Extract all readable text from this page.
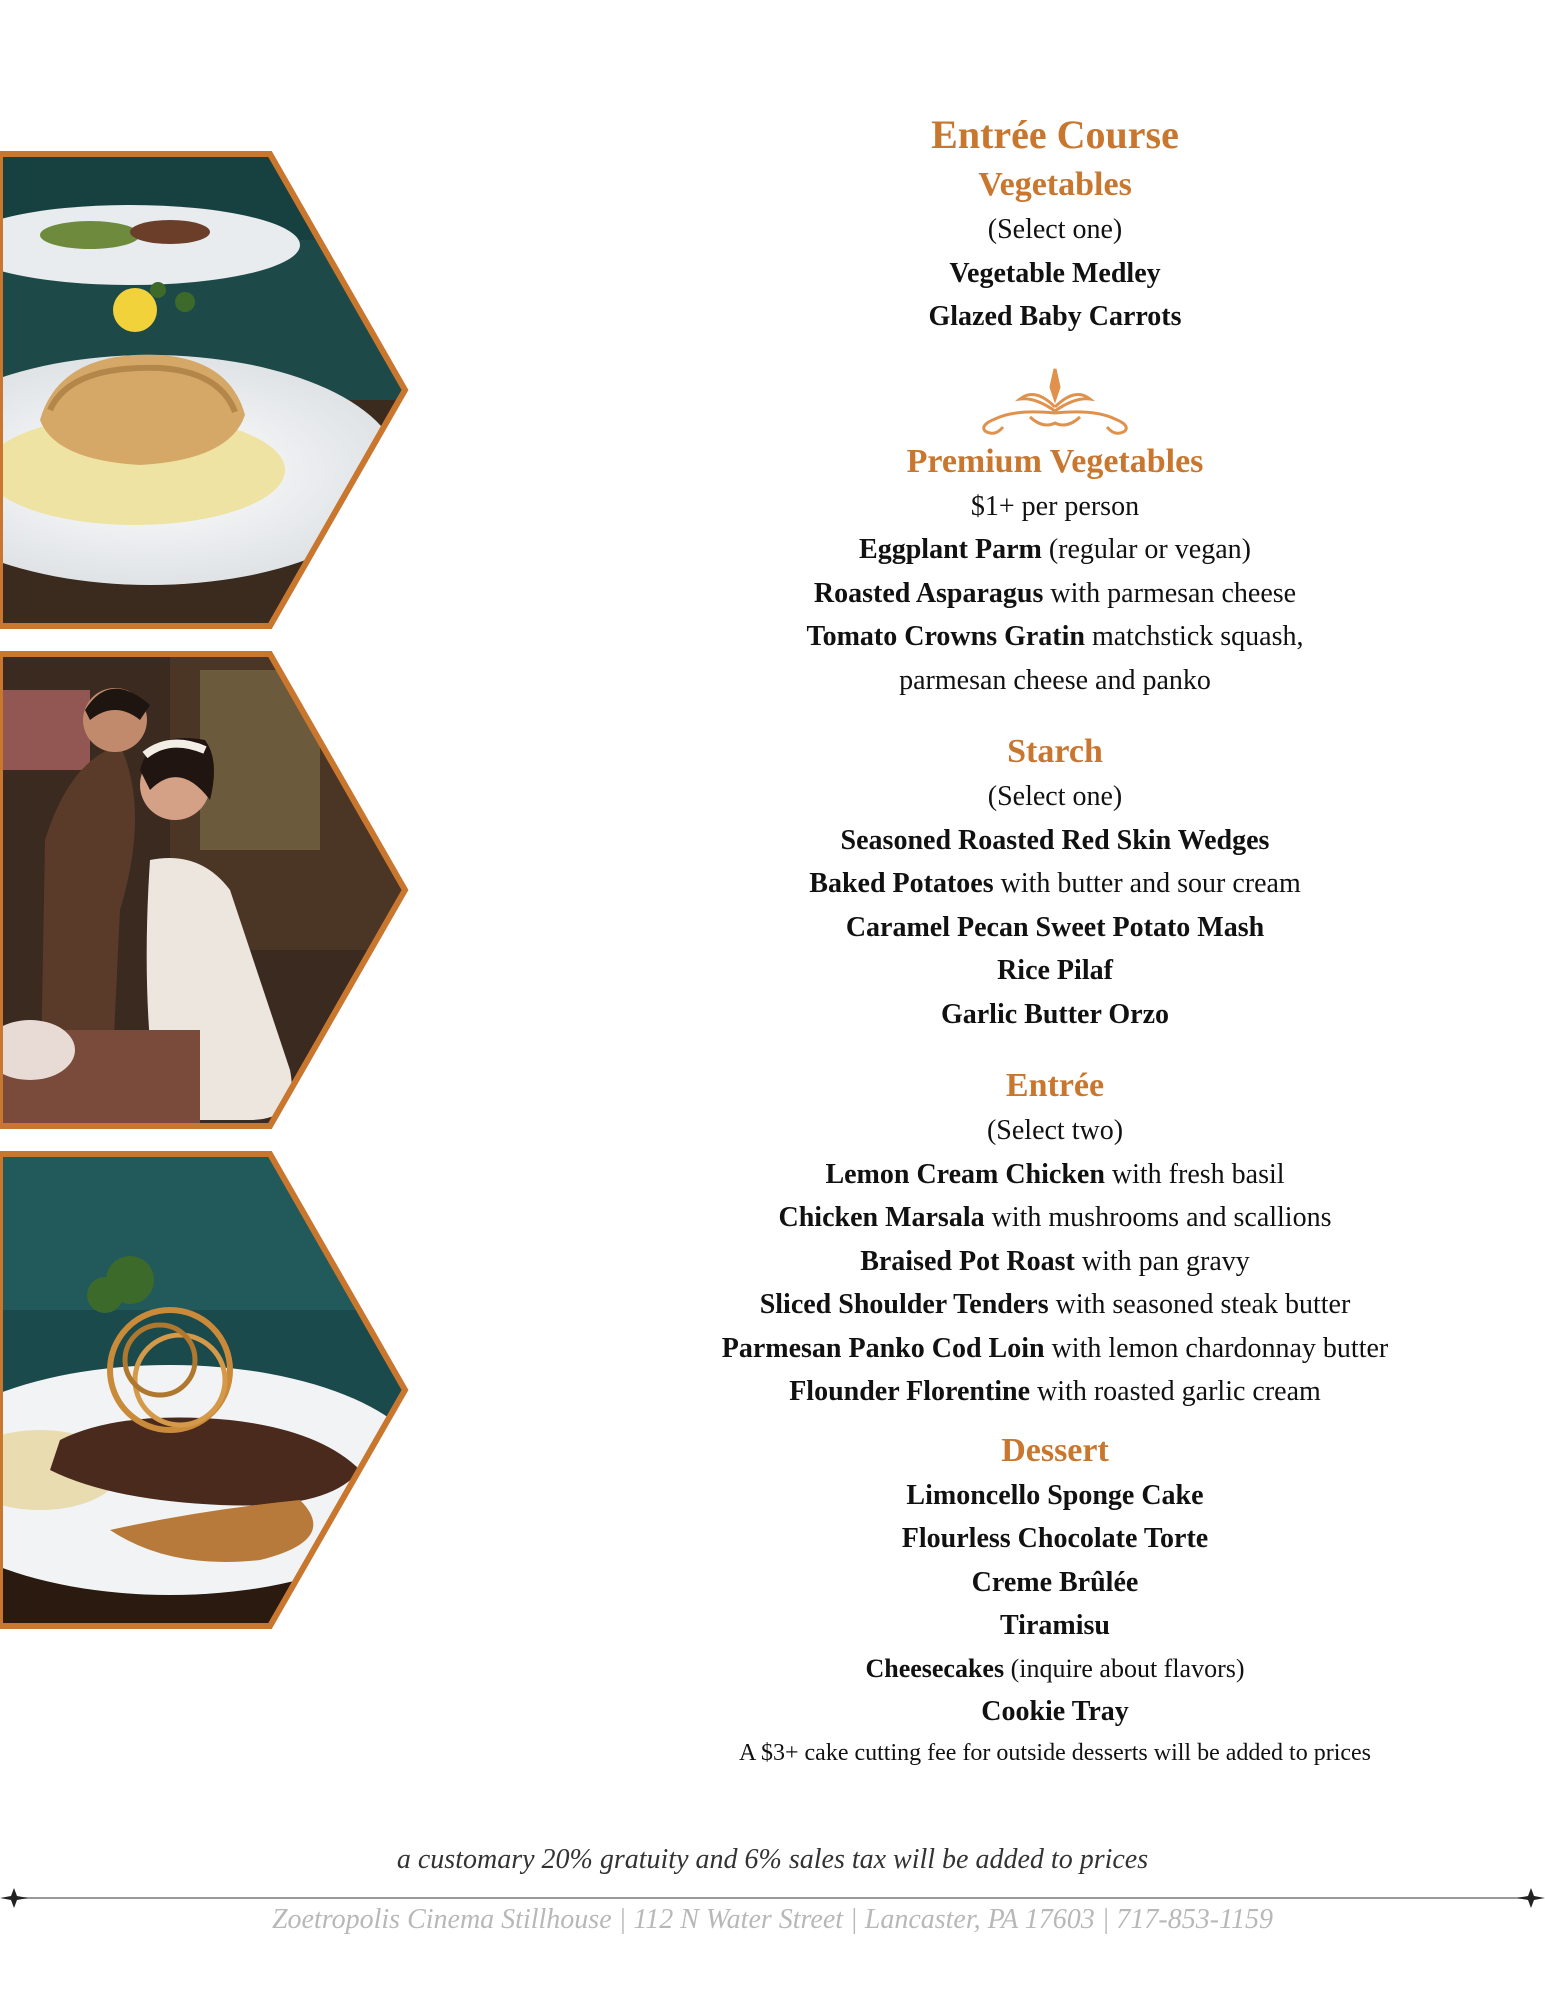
Entrée Course
Vegetables
(Select one)
Vegetable Medley
Glazed Baby Carrots
Premium Vegetables
$1+ per person
Eggplant Parm (regular or vegan)
Roasted Asparagus with parmesan cheese
Tomato Crowns Gratin matchstick squash,
parmesan cheese and panko
Starch
(Select one)
Seasoned Roasted Red Skin Wedges
Baked Potatoes with butter and sour cream
Caramel Pecan Sweet Potato Mash
Rice Pilaf
Garlic Butter Orzo
Entrée
(Select two)
Lemon Cream Chicken with fresh basil
Chicken Marsala with mushrooms and scallions
Braised Pot Roast with pan gravy
Sliced Shoulder Tenders with seasoned steak butter
Parmesan Panko Cod Loin with lemon chardonnay butter
Flounder Florentine with roasted garlic cream
Dessert
Limoncello Sponge Cake
Flourless Chocolate Torte
Creme Brûlée
Tiramisu
Cheesecakes (inquire about flavors)
Cookie Tray
A $3+ cake cutting fee for outside desserts will be added to prices
a customary 20% gratuity and 6% sales tax will be added to prices
Zoetropolis Cinema Stillhouse | 112 N Water Street | Lancaster, PA 17603 | 717-853-1159
